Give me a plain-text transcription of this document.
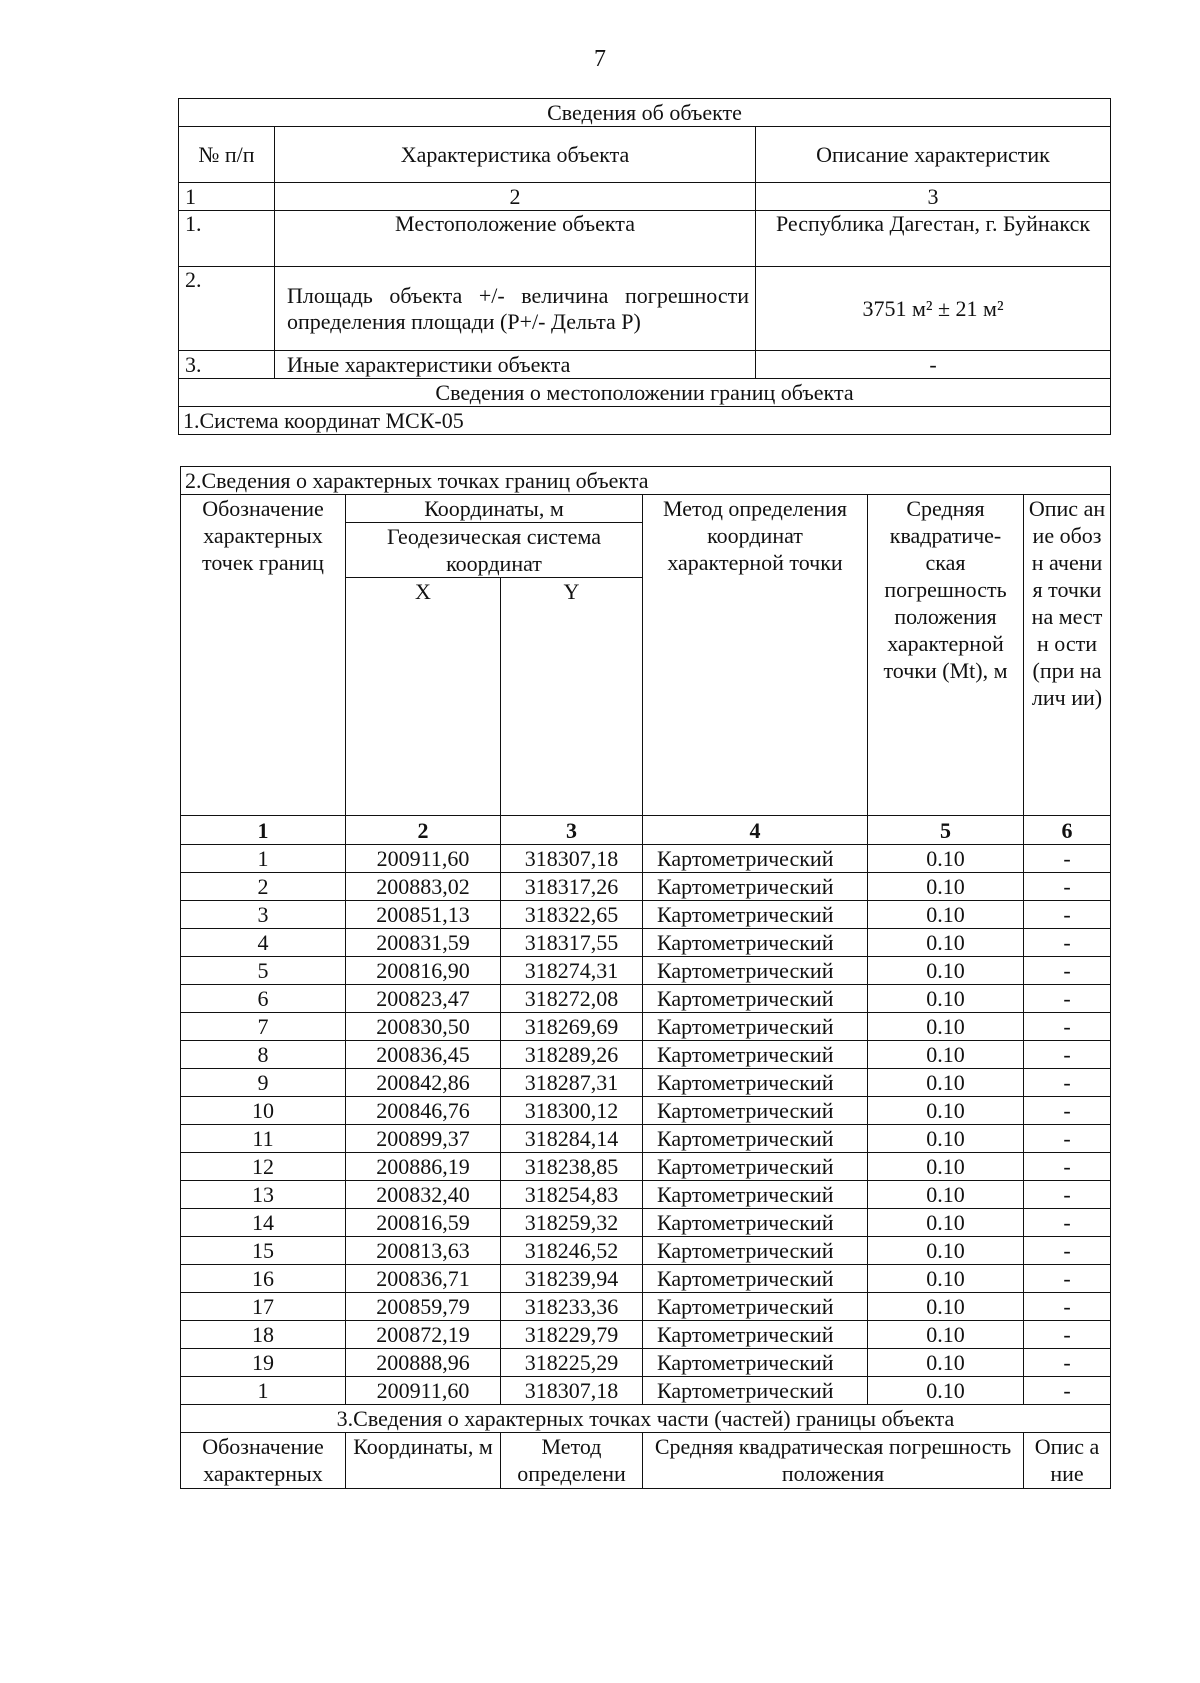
7
Сведения об объекте		
№ п/п	Характеристика объекта	Описание характеристик
1	2	3
1.	Местоположение объекта	Республика Дагестан, г. Буйнакск
2.	Площадь объекта +/- величина погрешности определения площади (P+/- Дельта P)	3751 м² ± 21 м²
3.	Иные характеристики объекта	-
Сведения о местоположении границ объекта		
1.Система координат МСК-05		
2.Сведения о характерных точках границ объекта					
Обозначение характерных точек границ	Координаты, м		Метод определения координат характерной точки	Средняя квадратиче-ская погрешность положения характерной точки (Mt), м	Опис ание обозн ачени я точки на местн ости (при налич ии)
	Геодезическая система координат				
	X	Y			
1	2	3	4	5	6
1	200911,60	318307,18	Картометрический	0.10	-
2	200883,02	318317,26	Картометрический	0.10	-
3	200851,13	318322,65	Картометрический	0.10	-
4	200831,59	318317,55	Картометрический	0.10	-
5	200816,90	318274,31	Картометрический	0.10	-
6	200823,47	318272,08	Картометрический	0.10	-
7	200830,50	318269,69	Картометрический	0.10	-
8	200836,45	318289,26	Картометрический	0.10	-
9	200842,86	318287,31	Картометрический	0.10	-
10	200846,76	318300,12	Картометрический	0.10	-
11	200899,37	318284,14	Картометрический	0.10	-
12	200886,19	318238,85	Картометрический	0.10	-
13	200832,40	318254,83	Картометрический	0.10	-
14	200816,59	318259,32	Картометрический	0.10	-
15	200813,63	318246,52	Картометрический	0.10	-
16	200836,71	318239,94	Картометрический	0.10	-
17	200859,79	318233,36	Картометрический	0.10	-
18	200872,19	318229,79	Картометрический	0.10	-
19	200888,96	318225,29	Картометрический	0.10	-
1	200911,60	318307,18	Картометрический	0.10	-
3.Сведения о характерных точках части (частей) границы объекта					
Обозначение характерных	Координаты, м	Метод определени	Средняя квадратическая погрешность положения		Опис ание
